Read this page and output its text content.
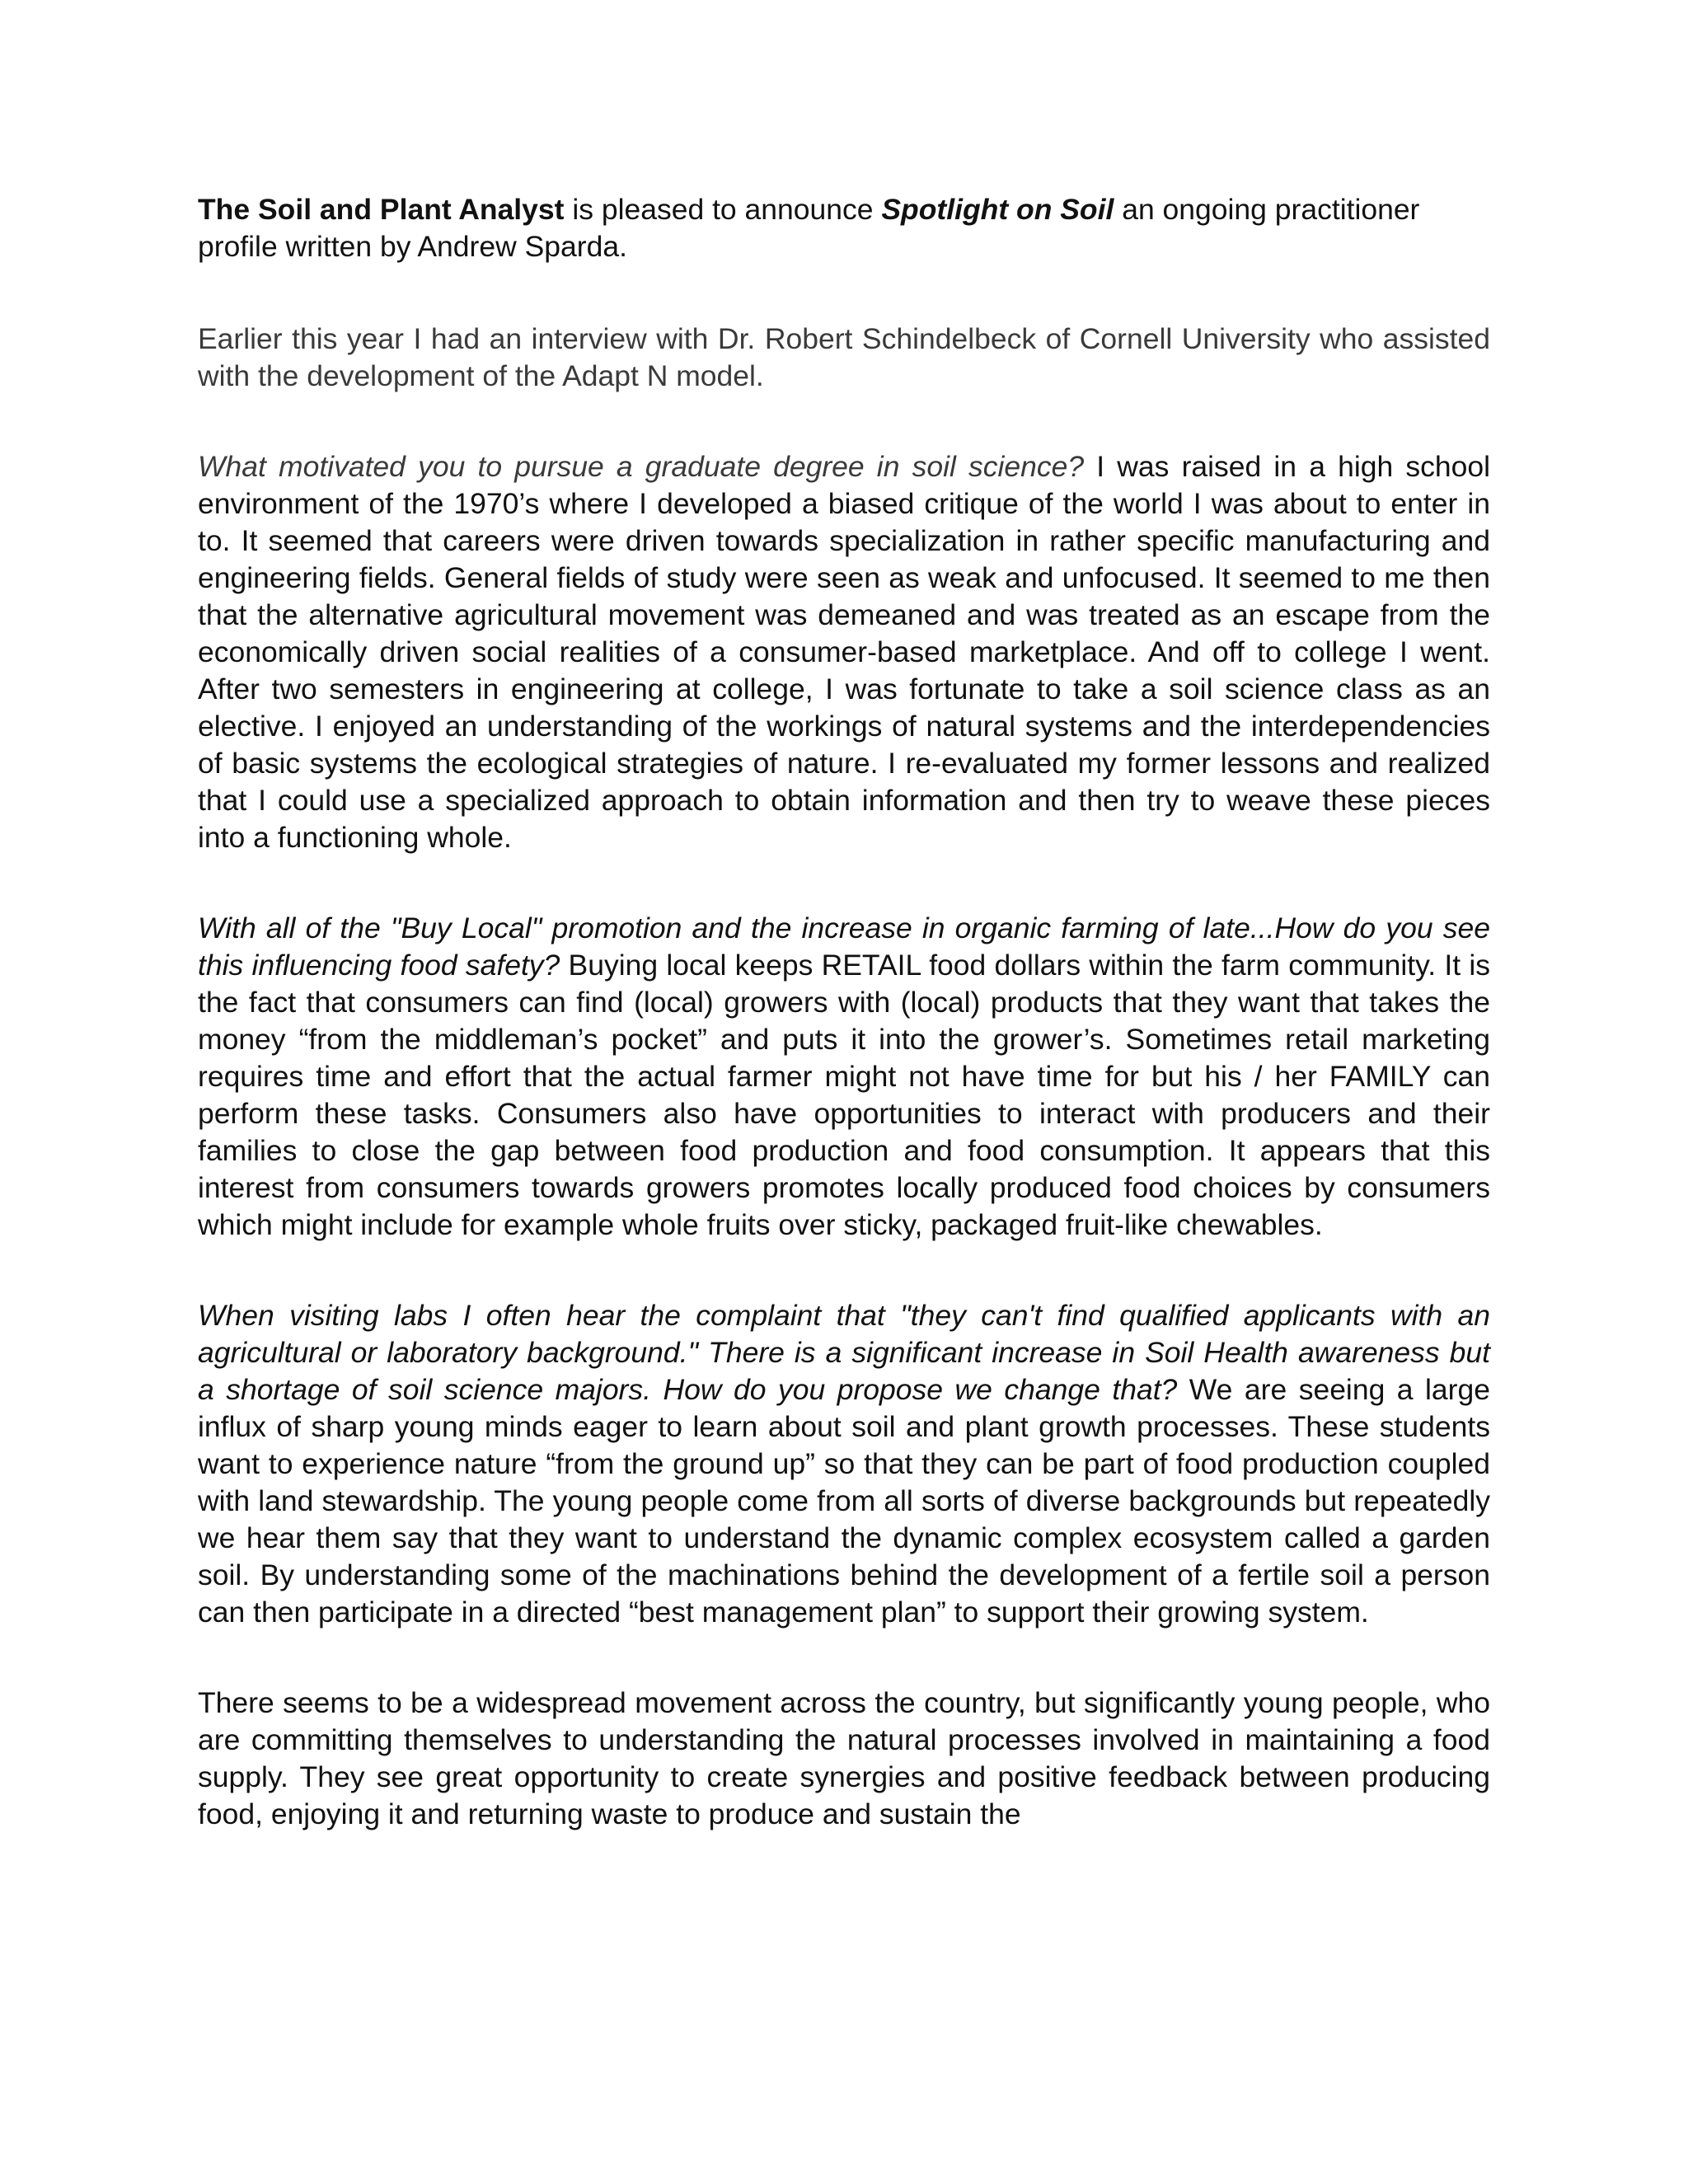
The Soil and Plant Analyst is pleased to announce Spotlight on Soil an ongoing practitioner profile written by Andrew Sparda.

Earlier this year I had an interview with Dr. Robert Schindelbeck of Cornell University who assisted with the development of the Adapt N model.

What motivated you to pursue a graduate degree in soil science? I was raised in a high school environment of the 1970’s where I developed a biased critique of the world I was about to enter in to. It seemed that careers were driven towards specialization in rather specific manufacturing and engineering fields. General fields of study were seen as weak and unfocused. It seemed to me then that the alternative agricultural movement was demeaned and was treated as an escape from the economically driven social realities of a consumer-based marketplace. And off to college I went. After two semesters in engineering at college, I was fortunate to take a soil science class as an elective. I enjoyed an understanding of the workings of natural systems and the interdependencies of basic systems the ecological strategies of nature. I re-evaluated my former lessons and realized that I could use a specialized approach to obtain information and then try to weave these pieces into a functioning whole.

With all of the "Buy Local" promotion and the increase in organic farming of late...How do you see this influencing food safety? Buying local keeps RETAIL food dollars within the farm community. It is the fact that consumers can find (local) growers with (local) products that they want that takes the money “from the middleman’s pocket” and puts it into the grower’s. Sometimes retail marketing requires time and effort that the actual farmer might not have time for but his / her FAMILY can perform these tasks. Consumers also have opportunities to interact with producers and their families to close the gap between food production and food consumption. It appears that this interest from consumers towards growers promotes locally produced food choices by consumers which might include for example whole fruits over sticky, packaged fruit-like chewables.

When visiting labs I often hear the complaint that "they can't find qualified applicants with an agricultural or laboratory background." There is a significant increase in Soil Health awareness but a shortage of soil science majors. How do you propose we change that? We are seeing a large influx of sharp young minds eager to learn about soil and plant growth processes. These students want to experience nature “from the ground up” so that they can be part of food production coupled with land stewardship. The young people come from all sorts of diverse backgrounds but repeatedly we hear them say that they want to understand the dynamic complex ecosystem called a garden soil. By understanding some of the machinations behind the development of a fertile soil a person can then participate in a directed “best management plan” to support their growing system.

There seems to be a widespread movement across the country, but significantly young people, who are committing themselves to understanding the natural processes involved in maintaining a food supply. They see great opportunity to create synergies and positive feedback between producing food, enjoying it and returning waste to produce and sustain the
